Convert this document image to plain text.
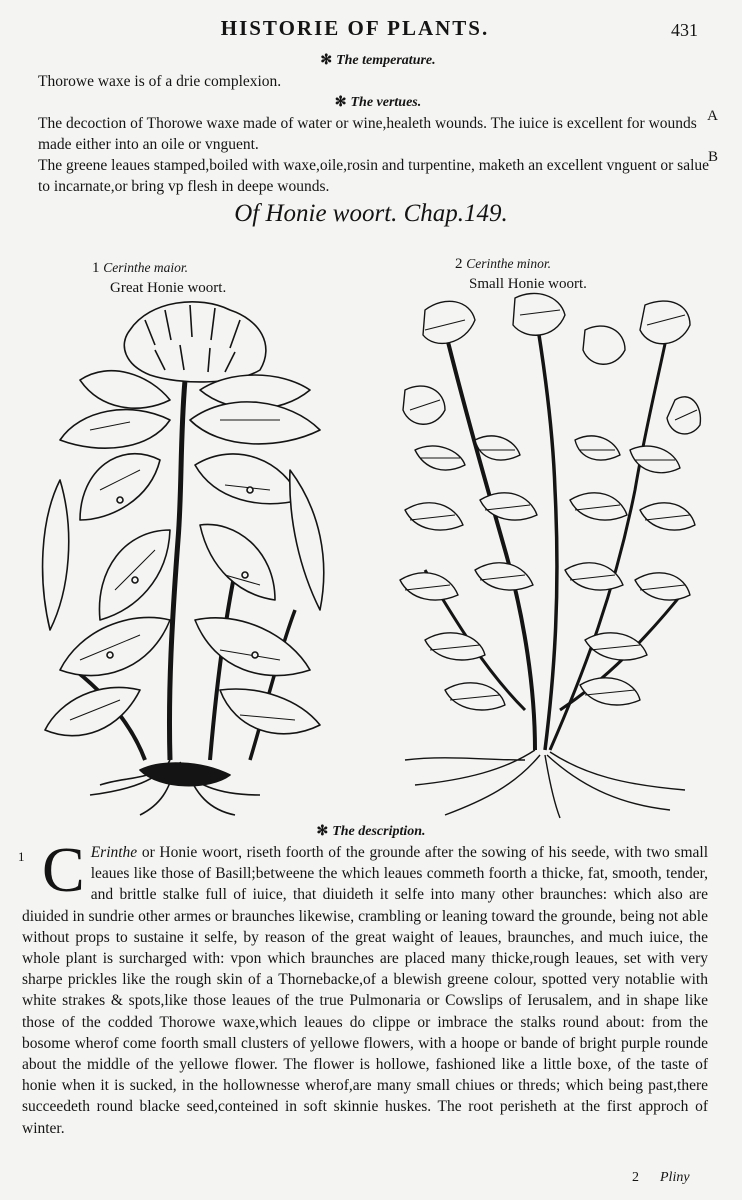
HISTORIE OF PLANTS.	431
✻ The temperature.
Thorowe waxe is of a drie complexion.
✻ The vertues.
The decoction of Thorowe waxe made of water or wine,healeth wounds. The iuice is excellent for wounds made either into an oile or vnguent.
The greene leaues stamped,boiled with waxe,oile,rosin and turpentine, maketh an excellent vnguent or salue to incarnate,or bring vp flesh in deepe wounds.
A
B
Of Honie woort. Chap.149.
1 Cerinthe maior.
Great Honie woort.
2 Cerinthe minor.
Small Honie woort.
✻ The description.
1 C Erinthe or Honie woort, riseth foorth of the grounde after the sowing of his seede, with two small leaues like those of Basill;betweene the which leaues commeth foorth a thicke, fat, smooth, tender, and brittle stalke full of iuice, that diuideth it selfe into many other braunches: which also are diuided in sundrie other armes or braunches likewise, crambling or leaning toward the grounde, being not able without props to sustaine it selfe, by reason of the great waight of leaues, braunches, and much iuice, the whole plant is surcharged with: vpon which braunches are placed many thicke,rough leaues, set with very sharpe prickles like the rough skin of a Thornebacke,of a blewish greene colour, spotted very notablie with white strakes & spots,like those leaues of the true Pulmonaria or Cowslips of Ierusalem, and in shape like those of the codded Thorowe waxe,which leaues do clippe or imbrace the stalks round about: from the bosome wherof come foorth small clusters of yellowe flowers, with a hoope or bande of bright purple rounde about the middle of the yellowe flower. The flower is hollowe, fashioned like a little boxe, of the taste of honie when it is sucked, in the hollownesse wherof,are many small chiues or threds; which being past,there succeedeth round blacke seed,conteined in soft skinnie huskes. The root perisheth at the first approch of winter.
2 Pliny
